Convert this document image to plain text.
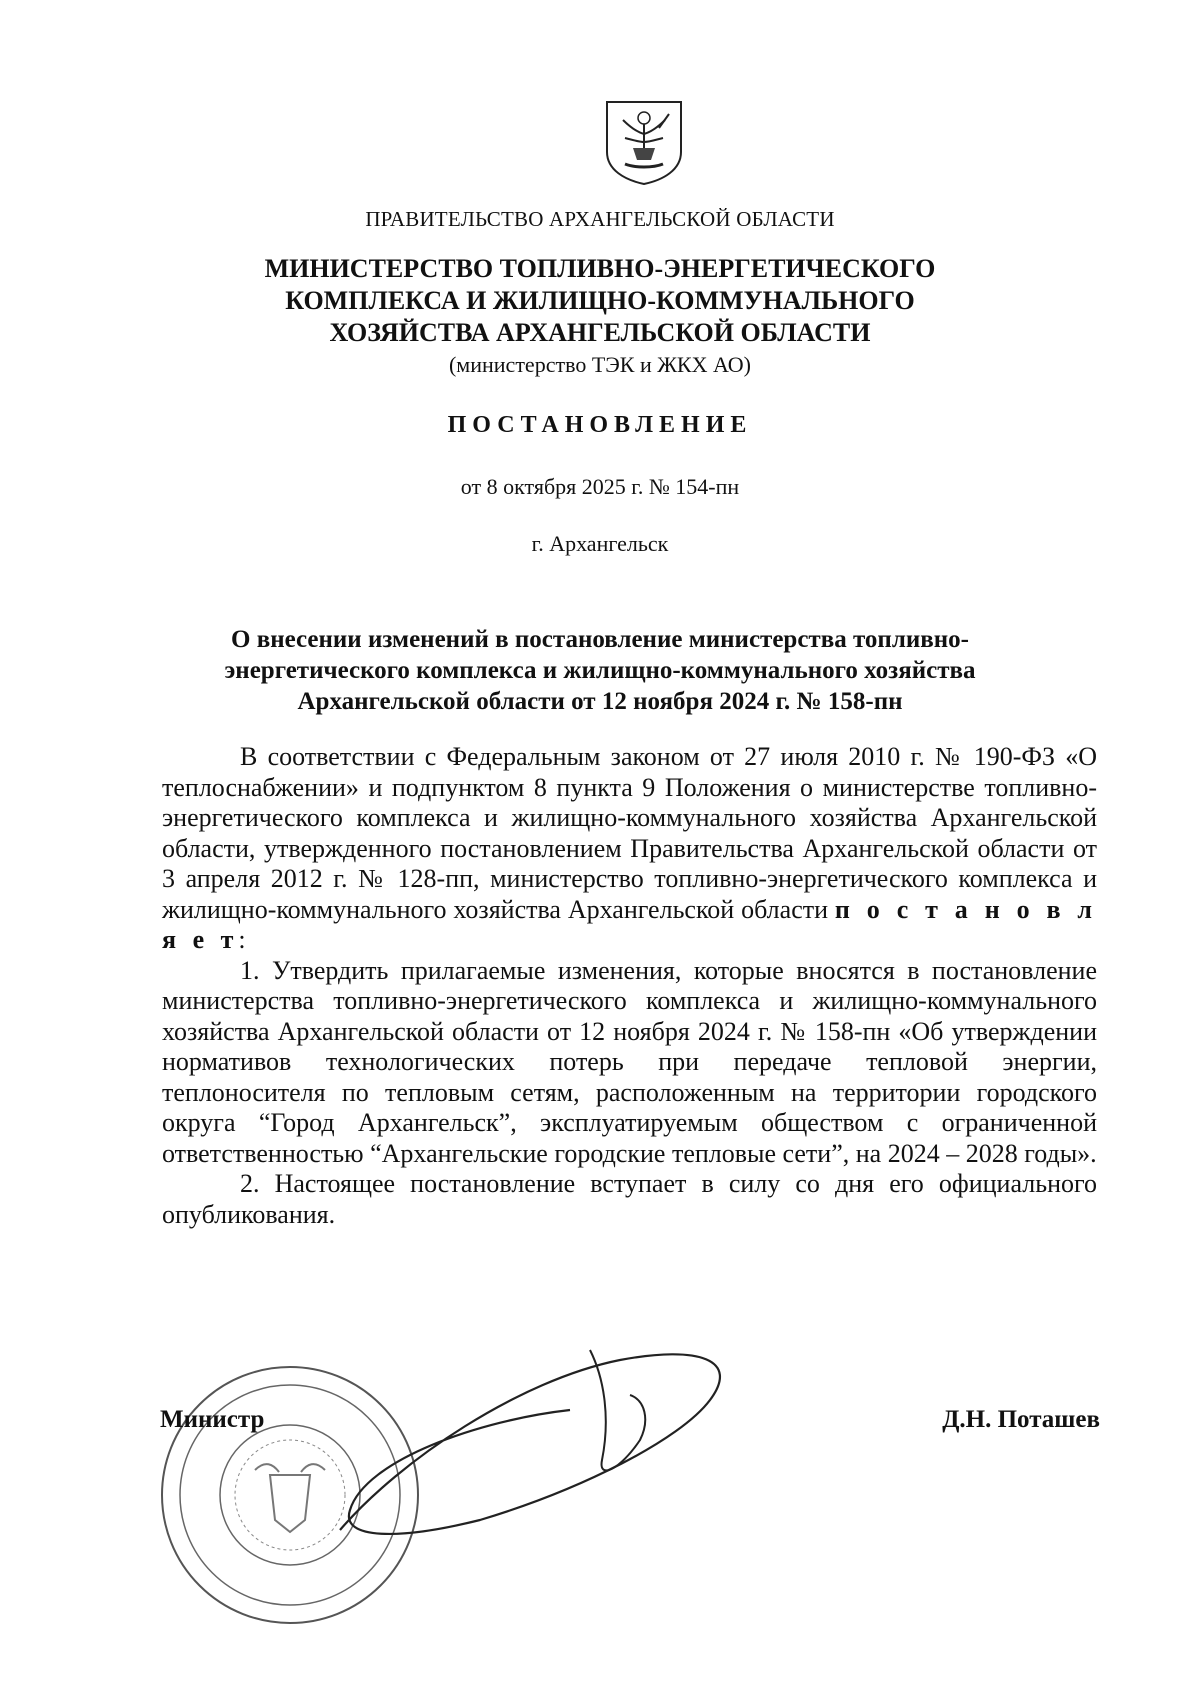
ПРАВИТЕЛЬСТВО АРХАНГЕЛЬСКОЙ ОБЛАСТИ
МИНИСТЕРСТВО ТОПЛИВНО-ЭНЕРГЕТИЧЕСКОГО
КОМПЛЕКСА И ЖИЛИЩНО-КОММУНАЛЬНОГО
ХОЗЯЙСТВА АРХАНГЕЛЬСКОЙ ОБЛАСТИ
(министерство ТЭК и ЖКХ АО)
ПОСТАНОВЛЕНИЕ
от 8 октября 2025 г. № 154-пн
г. Архангельск
О внесении изменений в постановление министерства топливно-
энергетического комплекса и жилищно-коммунального хозяйства
Архангельской области от 12 ноября 2024 г. № 158-пн

В соответствии с Федеральным законом от 27 июля 2010 г. № 190-ФЗ «О теплоснабжении» и подпунктом 8 пункта 9 Положения о министерстве топливно-энергетического комплекса и жилищно-коммунального хозяйства Архангельской области, утвержденного постановлением Правительства Архангельской области от 3 апреля 2012 г. № 128-пп, министерство топливно-энергетического комплекса и жилищно-коммунального хозяйства Архангельской области п о с т а н о в л я е т:

1. Утвердить прилагаемые изменения, которые вносятся в постановление министерства топливно-энергетического комплекса и жилищно-коммунального хозяйства Архангельской области от 12 ноября 2024 г. № 158-пн «Об утверждении нормативов технологических потерь при передаче тепловой энергии, теплоносителя по тепловым сетям, расположенным на территории городского округа “Город Архангельск”, эксплуатируемым обществом с ограниченной ответственностью “Архангельские городские тепловые сети”, на 2024 – 2028 годы».

2. Настоящее постановление вступает в силу со дня его официального опубликования.

Министр	Д.Н. Поташев
